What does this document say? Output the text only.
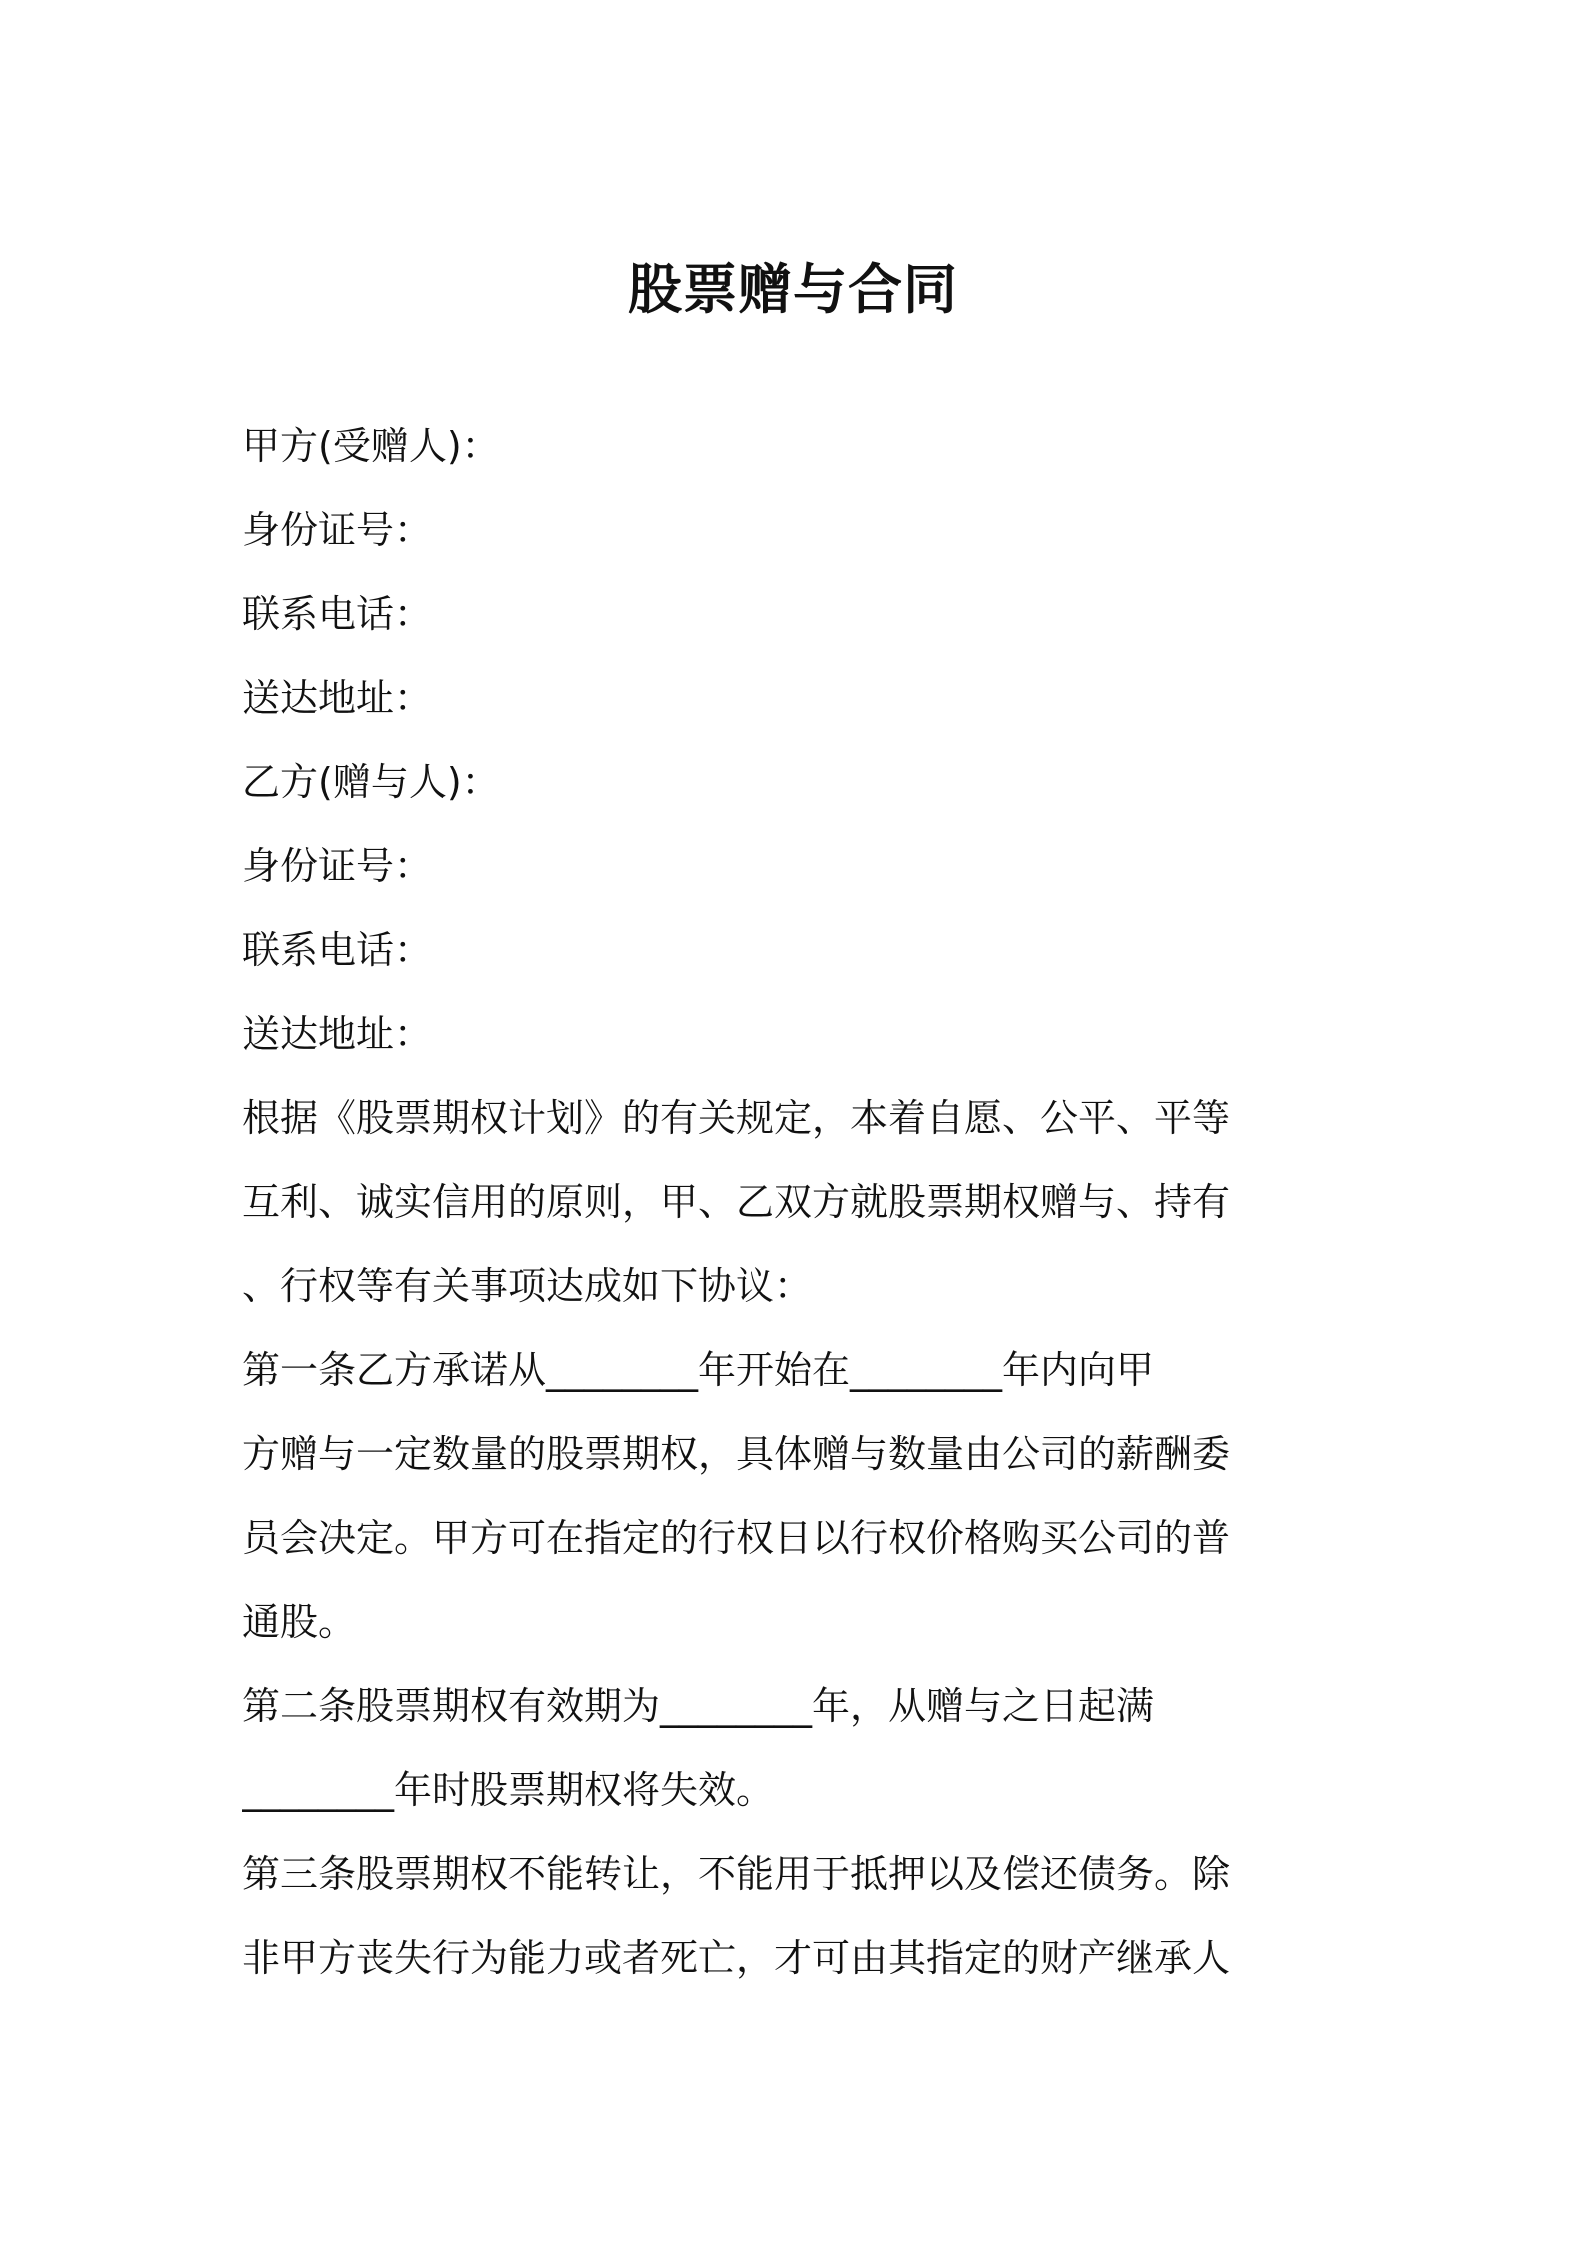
股票赠与合同
甲方(受赠人)：
身份证号：
联系电话：
送达地址：
乙方(赠与人)：
身份证号：
联系电话：
送达地址：
根据《股票期权计划》的有关规定，本着自愿、公平、平等
互利、诚实信用的原则，甲、乙双方就股票期权赠与、持有
、行权等有关事项达成如下协议：
第一条乙方承诺从________年开始在________年内向甲
方赠与一定数量的股票期权，具体赠与数量由公司的薪酬委
员会决定。甲方可在指定的行权日以行权价格购买公司的普
通股。
第二条股票期权有效期为________年，从赠与之日起满
________年时股票期权将失效。
第三条股票期权不能转让，不能用于抵押以及偿还债务。除
非甲方丧失行为能力或者死亡，才可由其指定的财产继承人
